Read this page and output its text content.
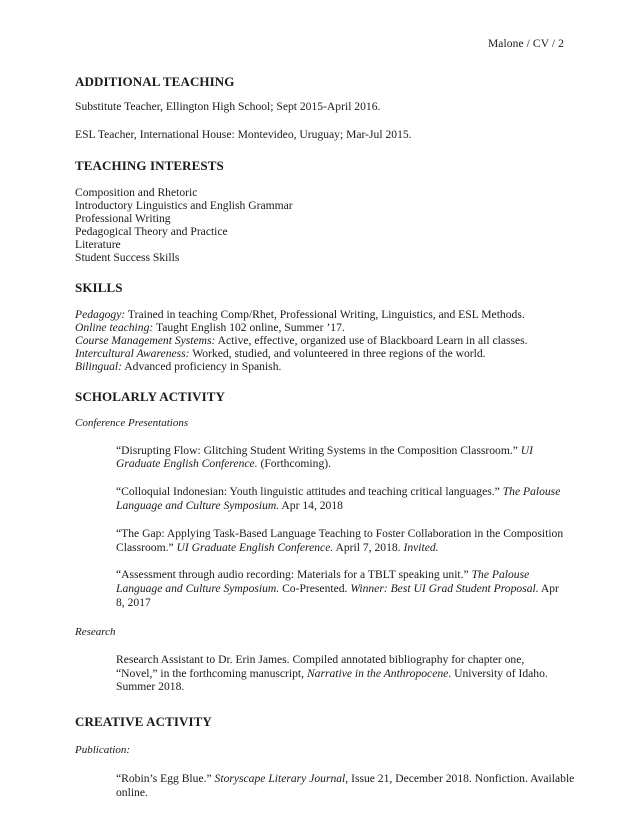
Malone / CV / 2
ADDITIONAL TEACHING

Substitute Teacher, Ellington High School; Sept 2015-April 2016.

ESL Teacher, International House: Montevideo, Uruguay; Mar-Jul 2015.

TEACHING INTERESTS

Composition and Rhetoric

Introductory Linguistics and English Grammar

Professional Writing

Pedagogical Theory and Practice

Literature

Student Success Skills

SKILLS

Pedagogy: Trained in teaching Comp/Rhet, Professional Writing, Linguistics, and ESL Methods.

Online teaching: Taught English 102 online, Summer ’17.

Course Management Systems: Active, effective, organized use of Blackboard Learn in all classes.

Intercultural Awareness: Worked, studied, and volunteered in three regions of the world.

Bilingual: Advanced proficiency in Spanish.

SCHOLARLY ACTIVITY
Conference Presentations

“Disrupting Flow: Glitching Student Writing Systems in the Composition Classroom.” UI Graduate English Conference. (Forthcoming).

“Colloquial Indonesian: Youth linguistic attitudes and teaching critical languages.” The Palouse Language and Culture Symposium. Apr 14, 2018

“The Gap: Applying Task-Based Language Teaching to Foster Collaboration in the Composition Classroom.” UI Graduate English Conference. April 7, 2018. Invited.

“Assessment through audio recording: Materials for a TBLT speaking unit.” The Palouse Language and Culture Symposium. Co-Presented. Winner: Best UI Grad Student Proposal. Apr 8, 2017

Research

Research Assistant to Dr. Erin James. Compiled annotated bibliography for chapter one, “Novel,” in the forthcoming manuscript, Narrative in the Anthropocene. University of Idaho. Summer 2018.

CREATIVE ACTIVITY
Publication:

“Robin’s Egg Blue.” Storyscape Literary Journal, Issue 21, December 2018. Nonfiction. Available online.
